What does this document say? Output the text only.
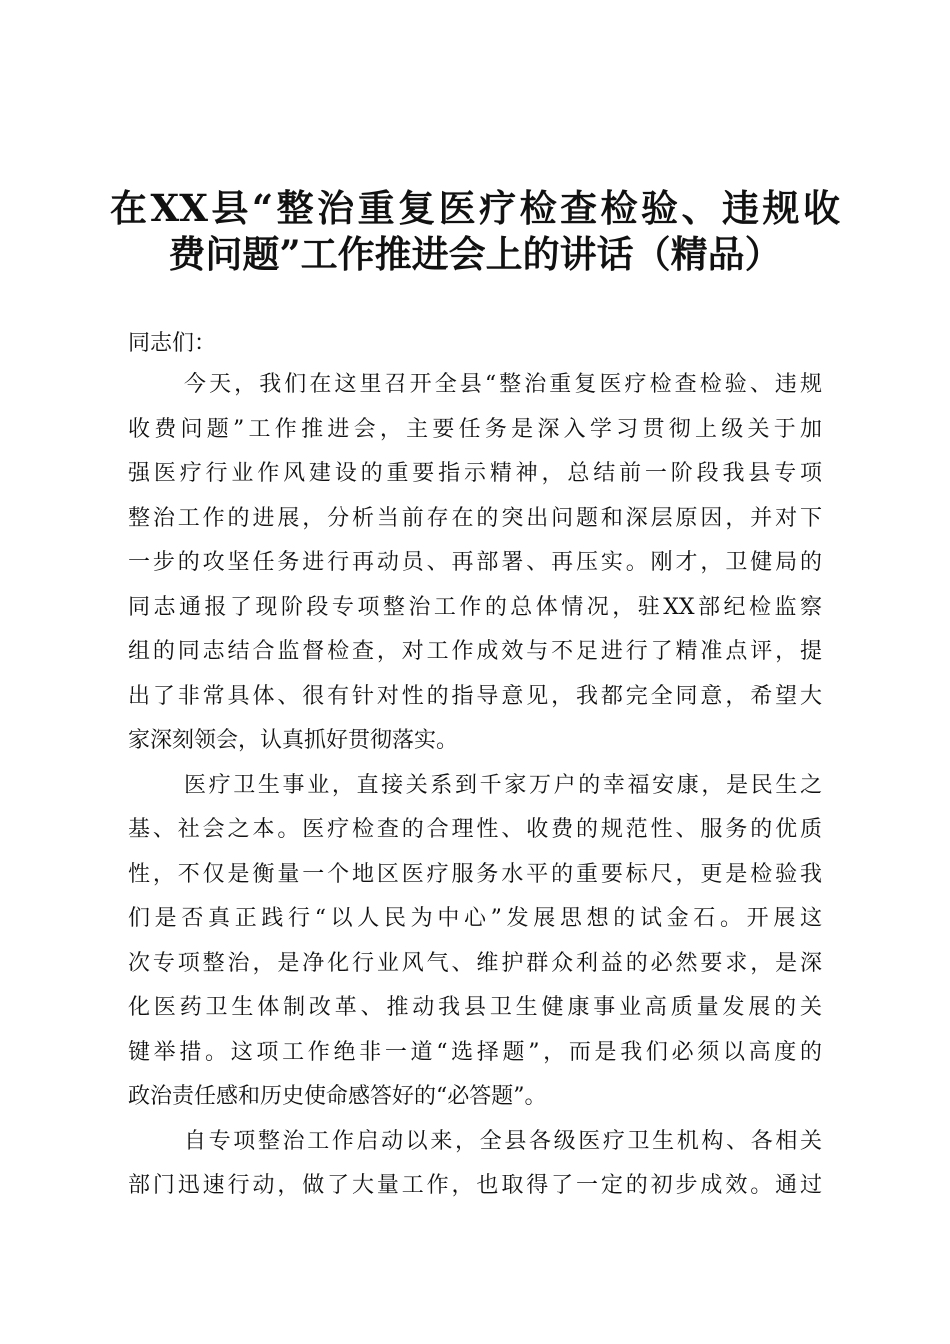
在XX县“整治重复医疗检查检验、违规收
费问题”工作推进会上的讲话（精品）
同志们：
今天，我们在这里召开全县“整治重复医疗检查检验、违规
收费问题”工作推进会，主要任务是深入学习贯彻上级关于加
强医疗行业作风建设的重要指示精神，总结前一阶段我县专项
整治工作的进展，分析当前存在的突出问题和深层原因，并对下
一步的攻坚任务进行再动员、再部署、再压实。刚才，卫健局的
同志通报了现阶段专项整治工作的总体情况，驻XX部纪检监察
组的同志结合监督检查，对工作成效与不足进行了精准点评，提
出了非常具体、很有针对性的指导意见，我都完全同意，希望大
家深刻领会，认真抓好贯彻落实。
医疗卫生事业，直接关系到千家万户的幸福安康，是民生之
基、社会之本。医疗检查的合理性、收费的规范性、服务的优质
性，不仅是衡量一个地区医疗服务水平的重要标尺，更是检验我
们是否真正践行“以人民为中心”发展思想的试金石。开展这
次专项整治，是净化行业风气、维护群众利益的必然要求，是深
化医药卫生体制改革、推动我县卫生健康事业高质量发展的关
键举措。这项工作绝非一道“选择题”，而是我们必须以高度的
政治责任感和历史使命感答好的“必答题”。
自专项整治工作启动以来，全县各级医疗卫生机构、各相关
部门迅速行动，做了大量工作，也取得了一定的初步成效。通过
